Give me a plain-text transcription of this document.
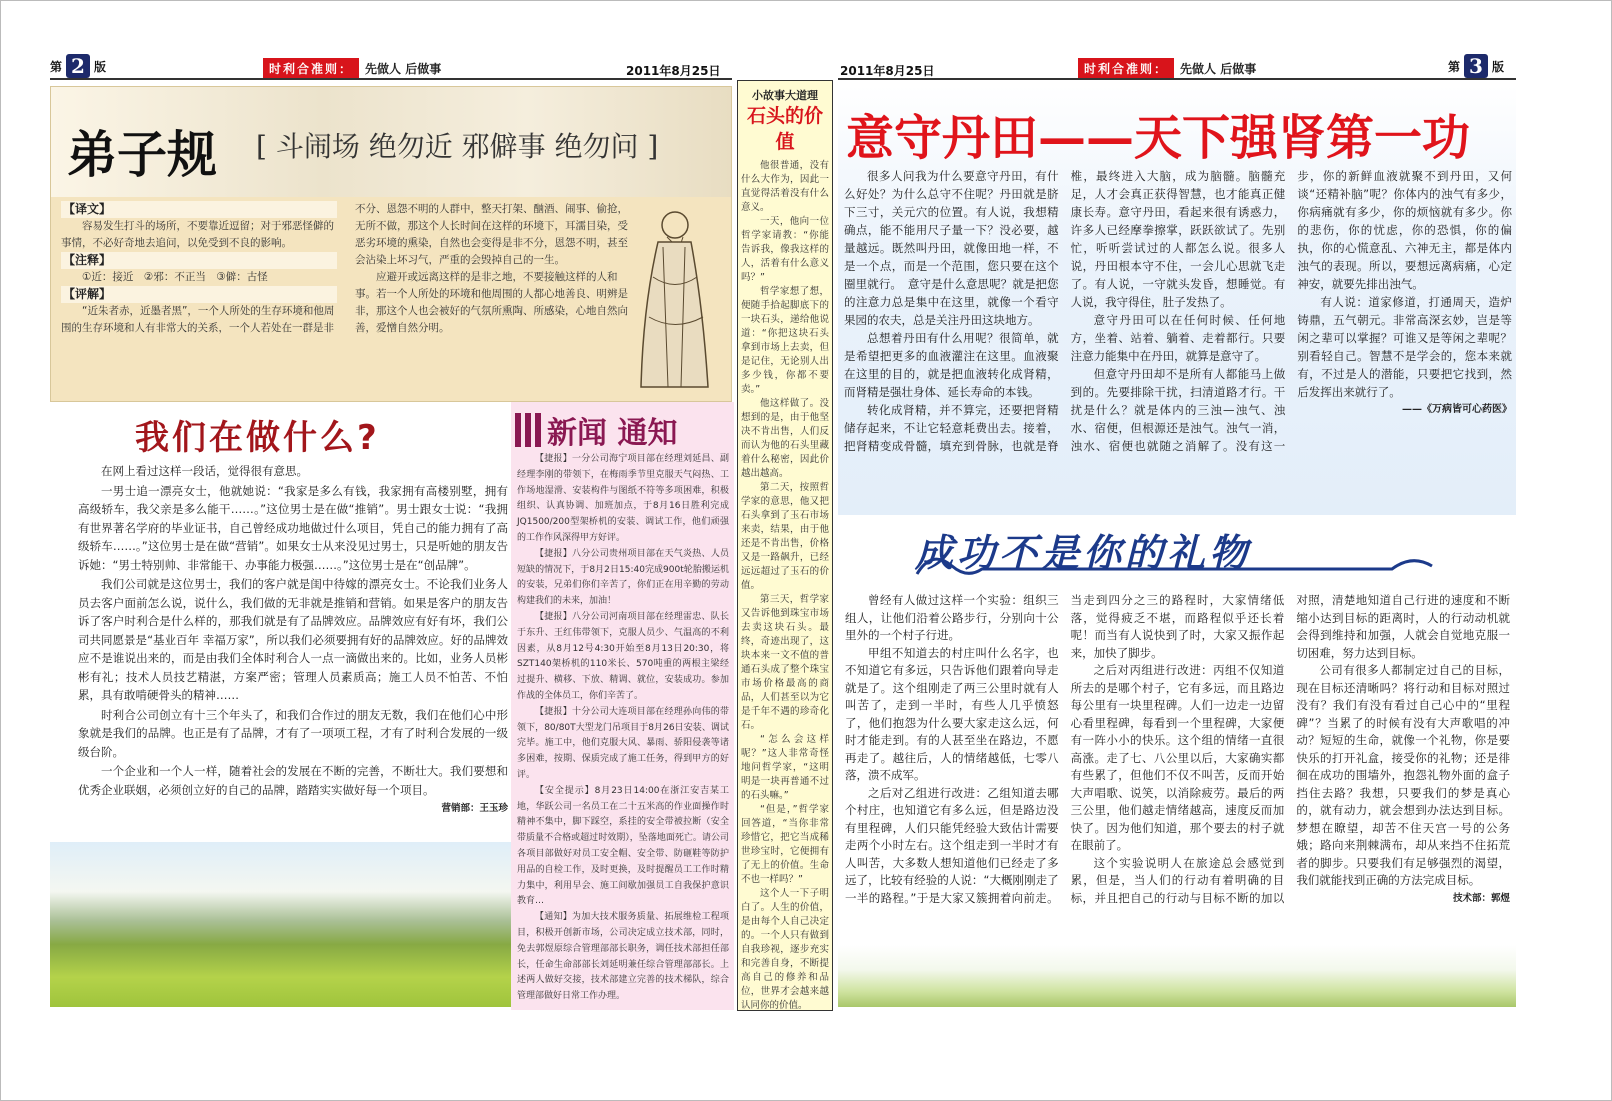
第 2 版	时利合准则：	先做人 后做事	2011年8月25日	2011年8月25日	时利合准则：	先做人 后做事	第 3 版
弟子规 [ 斗闹场 绝勿近 邪僻事 绝勿问 ]
【译文】

容易发生打斗的场所，不要靠近逗留；对于邪恶怪僻的事情，不必好奇地去追问，以免受到不良的影响。

【注释】

①近：接近　②邪：不正当　③僻：古怪

【评解】

“近朱者赤，近墨者黑”，一个人所处的生存环境和他周围的生存环境和人有非常大的关系，一个人若处在一群是非不分、恩怨不明的人群中，整天打架、酗酒、闹事、偷抢，无所不做，那这个人长时间在这样的环境下，耳濡目染，受恶劣环境的熏染，自然也会变得是非不分，恩怨不明，甚至会沾染上坏习气，严重的会毁掉自己的一生。

应避开或远离这样的是非之地，不要接触这样的人和事。若一个人所处的环境和他周围的人都心地善良、明辨是非，那这个人也会被好的气氛所熏陶、所感染，心地自然向善，爱憎自然分明。

我们在做什么?

在网上看过这样一段话，觉得很有意思。

一男士追一漂亮女士，他就她说：“我家是多么有钱，我家拥有高楼别墅，拥有高级轿车，我父亲是多么能干……。”这位男士是在做“推销”。男士跟女士说：“我拥有世界著名学府的毕业证书，自己曾经成功地做过什么项目，凭自己的能力拥有了高级轿车……。”这位男士是在做“营销”。如果女士从来没见过男士，只是听她的朋友告诉她：“男士特别帅、非常能干、办事能力极强……。”这位男士是在“创品牌”。

我们公司就是这位男士，我们的客户就是闺中待嫁的漂亮女士。不论我们业务人员去客户面前怎么说，说什么，我们做的无非就是推销和营销。如果是客户的朋友告诉了客户时利合是什么样的，那我们就是有了品牌效应。品牌效应有好有坏，我们公司共同愿景是“基业百年 幸福万家”，所以我们必须要拥有好的品牌效应。好的品牌效应不是谁说出来的，而是由我们全体时利合人一点一滴做出来的。比如，业务人员彬彬有礼；技术人员技艺精湛，方案严密；管理人员素质高；施工人员不怕苦、不怕累，具有敢啃硬骨头的精神……

时利合公司创立有十三个年头了，和我们合作过的朋友无数，我们在他们心中形象就是我们的品牌。也正是有了品牌，才有了一项项工程，才有了时利合发展的一级级台阶。

一个企业和一个人一样，随着社会的发展在不断的完善，不断壮大。我们要想和优秀企业联姻，必须创立好的自己的品牌，踏踏实实做好每一个项目。

营销部：王玉珍
新闻 通知

【捷报】一分公司海宁项目部在经理刘延昌、副经理李刚的带领下，在梅雨季节里克服天气闷热、工作场地湿滑、安装构件与图纸不符等多项困难，积极组织、认真协调、加班加点，于8月16日胜利完成JQ1500/200型架桥机的安装、调试工作，他们顽强的工作作风深得甲方好评。

【捷报】八分公司贵州项目部在天气炎热、人员短缺的情况下，于8月2日15:40完成900t轮胎搬运机的安装，兄弟们你们辛苦了，你们正在用辛勤的劳动构建我们的未来，加油！

【捷报】八分公司河南项目部在经理雷忠、队长于东升、王红伟带领下，克服人员少、气温高的不利因素，从8月12号4:30开始至8月13日20:30，将SZT140架桥机的110米长、570吨重的两根主梁经过提升、横移、下放、精调、就位，安装成功。参加作战的全体员工，你们辛苦了。

【捷报】十分公司大连项目部在经理孙向伟的带领下，80/80T大型龙门吊项目于8月26日安装、调试完毕。施工中，他们克服大风、暴雨、骄阳侵袭等诸多困难，按期、保质完成了施工任务，得到甲方的好评。

【安全提示】8月23日14:00在浙江安吉某工地，华跃公司一名员工在二十五米高的作业面操作时精神不集中，脚下踩空，系挂的安全带被拉断（安全带质量不合格或超过时效期），坠落地面死亡。请公司各项目部做好对员工安全帽、安全带、防砸鞋等防护用品的自检工作，及时更换，及时提醒员工工作时精力集中，利用早会、施工间歇加强员工自我保护意识教育…

【通知】为加大技术服务质量、拓展维检工程项目，积极开创新市场，公司决定成立技术部，同时，免去郭煜原综合管理部部长职务，调任技术部担任部长，任命生命部部长刘延明兼任综合管理部部长。上述两人做好交接，技术部建立完善的技术梯队，综合管理部做好日常工作办理。

小故事大道理
石头的价值

他很普通，没有什么大作为，因此一直觉得活着没有什么意义。

一天，他向一位哲学家请教：“你能告诉我，像我这样的人，活着有什么意义吗？”

哲学家想了想，便随手拾起脚底下的一块石头，递给他说道：“你把这块石头拿到市场上去卖，但是记住，无论别人出多少钱，你都不要卖。”

他这样做了。没想到的是，由于他坚决不肯出售，人们反而认为他的石头里藏着什么秘密，因此价越出越高。

第二天，按照哲学家的意思，他又把石头拿到了玉石市场来卖，结果，由于他还是不肯出售，价格又是一路飙升，已经远远超过了玉石的价值。

第三天，哲学家又告诉他到珠宝市场去卖这块石头。最终，奇迹出现了，这块本来一文不值的普通石头成了整个珠宝市场价格最高的商品，人们甚至以为它是千年不遇的珍奇化石。

“怎么会这样呢？”这人非常奇怪地问哲学家，“这明明是一块再普通不过的石头嘛。”

“但是，”哲学家回答道，“当你非常珍惜它，把它当成稀世珍宝时，它便拥有了无上的价值。生命不也一样吗？”

这个人一下子明白了。人生的价值，是由每个人自己决定的。一个人只有做到自我珍视，逐步充实和完善自身，不断提高自己的修养和品位，世界才会越来越认同你的价值。

意守丹田——天下强肾第一功

很多人问我为什么要意守丹田，有什么好处？为什么总守不住呢？丹田就是脐下三寸，关元穴的位置。有人说，我想精确点，能不能用尺子量一下？没必要，越量越远。既然叫丹田，就像田地一样，不是一个点，而是一个范围，您只要在这个圈里就行。　意守是什么意思呢？就是把您的注意力总是集中在这里，就像一个看守果园的农夫，总是关注丹田这块地方。

总想着丹田有什么用呢？很简单，就是希望把更多的血液灌注在这里。血液聚在这里的目的，就是把血液转化成肾精，而肾精是强壮身体、延长寿命的本钱。

转化成肾精，并不算完，还要把肾精储存起来，不让它轻意耗费出去。接着，把肾精变成骨髓，填充到骨脉，也就是脊椎，最终进入大脑，成为脑髓。脑髓充足，人才会真正获得智慧，也才能真正健康长寿。意守丹田，看起来很有诱惑力，许多人已经摩拳擦掌，跃跃欲试了。先别忙，听听尝试过的人都怎么说。很多人说，丹田根本守不住，一会儿心思就飞走了。有人说，一守就头发昏，想睡觉。有人说，我守得住，肚子发热了。

意守丹田可以在任何时候、任何地方，坐着、站着、躺着、走着都行。只要注意力能集中在丹田，就算是意守了。

但意守丹田却不是所有人都能马上做到的。先要排除干扰，扫清道路才行。干扰是什么？就是体内的三浊—浊气、浊水、宿便，但根源还是浊气。浊气一消，浊水、宿便也就随之消解了。没有这一步，你的新鲜血液就聚不到丹田，又何谈“还精补脑”呢？你体内的浊气有多少，你病痛就有多少，你的烦恼就有多少。你的悲伤，你的忧虑，你的恐惧，你的偏执，你的心慌意乱、六神无主，都是体内浊气的表现。所以，要想远离病痛，心定神安，就要先排出浊气。

有人说：道家修道，打通周天，造炉铸鼎，五气朝元。非常高深玄妙，岂是等闲之辈可以掌握？可谁又是等闲之辈呢？别看轻自己。智慧不是学会的，您本来就有，不过是人的潜能，只要把它找到，然后发挥出来就行了。

——《万病皆可心药医》
成功不是你的礼物

曾经有人做过这样一个实验：组织三组人，让他们沿着公路步行，分别向十公里外的一个村子行进。

甲组不知道去的村庄叫什么名字，也不知道它有多远，只告诉他们跟着向导走就是了。这个组刚走了两三公里时就有人叫苦了，走到一半时，有些人几乎愤怒了，他们抱怨为什么要大家走这么远，何时才能走到。有的人甚至坐在路边，不愿再走了。越往后，人的情绪越低，七零八落，溃不成军。

之后对乙组进行改进：乙组知道去哪个村庄，也知道它有多么远，但是路边没有里程碑，人们只能凭经验大致估计需要走两个小时左右。这个组走到一半时才有人叫苦，大多数人想知道他们已经走了多远了，比较有经验的人说：“大概刚刚走了一半的路程。”于是大家又簇拥着向前走。当走到四分之三的路程时，大家情绪低落，觉得疲乏不堪，而路程似乎还长着呢！而当有人说快到了时，大家又振作起来，加快了脚步。

之后对丙组进行改进：丙组不仅知道所去的是哪个村子，它有多远，而且路边每公里有一块里程碑。人们一边走一边留心看里程碑，每看到一个里程碑，大家便有一阵小小的快乐。这个组的情绪一直很高涨。走了七、八公里以后，大家确实都有些累了，但他们不仅不叫苦，反而开始大声唱歌、说笑，以消除疲劳。最后的两三公里，他们越走情绪越高，速度反而加快了。因为他们知道，那个要去的村子就在眼前了。

这个实验说明人在旅途总会感觉到累，但是，当人们的行动有着明确的目标，并且把自己的行动与目标不断的加以对照，清楚地知道自己行进的速度和不断缩小达到目标的距离时，人的行动动机就会得到维持和加强，人就会自觉地克服一切困难，努力达到目标。

公司有很多人都制定过自己的目标，现在目标还清晰吗？将行动和目标对照过没有？我们有没有看过自己心中的“里程碑”？当累了的时候有没有大声歌唱的冲动？短短的生命，就像一个礼物，你是要快乐的打开礼盒，接受你的礼物；还是徘徊在成功的围墙外，抱怨礼物外面的盒子挡住去路？我想，只要我们的梦是真心的，就有动力，就会想到办法达到目标。梦想在瞭望，却苦不住天宫一号的公务娥；路向来荆棘满布，却从来挡不住拓荒者的脚步。只要我们有足够强烈的渴望，我们就能找到正确的方法完成目标。

技术部：郭煜
